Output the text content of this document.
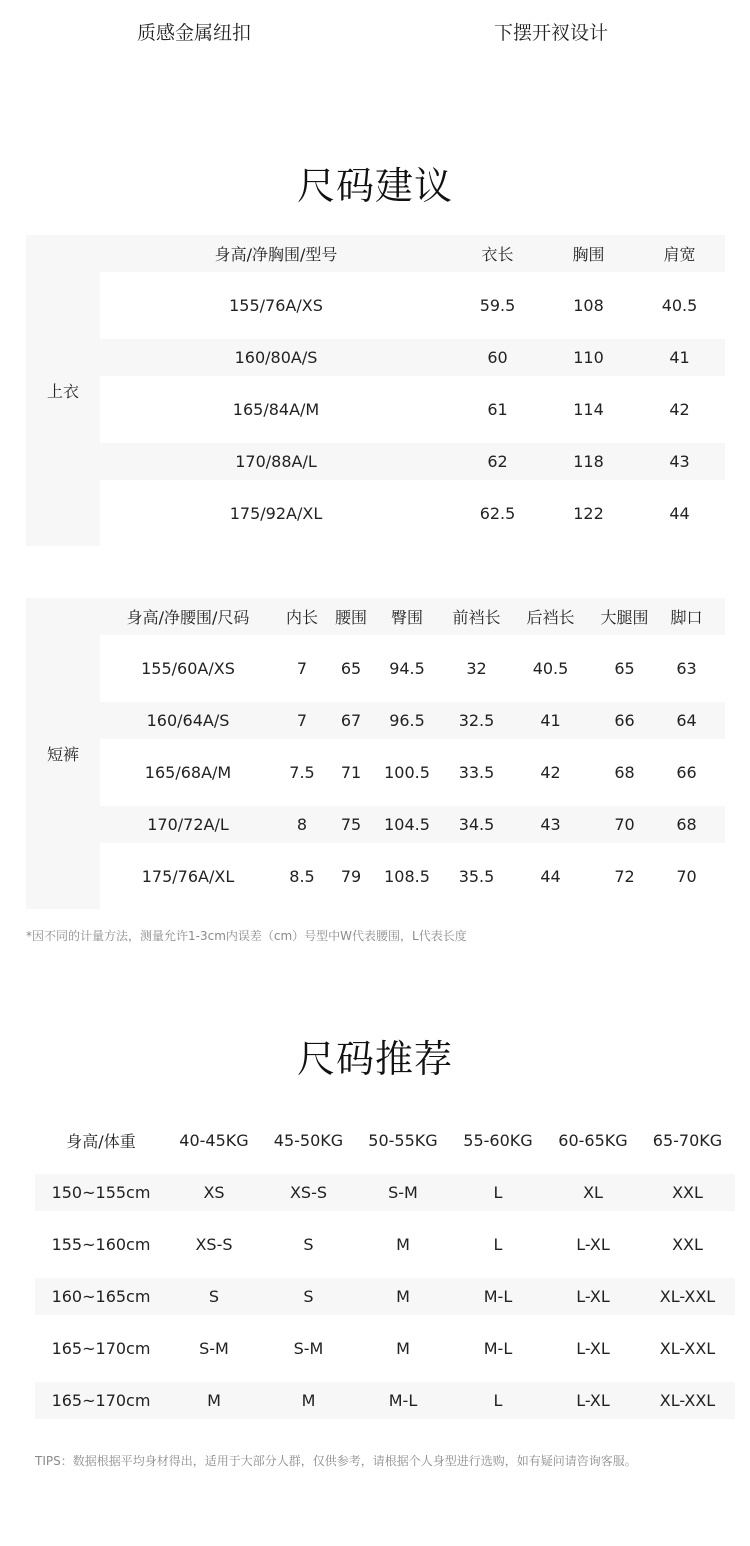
质感金属纽扣	下摆开衩设计
尺码建议
上衣
身高/净胸围/型号	衣长	胸围	肩宽
155/76A/XS	59.5	108	40.5
160/80A/S	60	110	41
165/84A/M	61	114	42
170/88A/L	62	118	43
175/92A/XL	62.5	122	44
短裤
身高/净腰围/尺码	内长	腰围	臀围	前裆长	后裆长	大腿围	脚口
155/60A/XS	7	65	94.5	32	40.5	65	63
160/64A/S	7	67	96.5	32.5	41	66	64
165/68A/M	7.5	71	100.5	33.5	42	68	66
170/72A/L	8	75	104.5	34.5	43	70	68
175/76A/XL	8.5	79	108.5	35.5	44	72	70

*因不同的计量方法，测量允许1-3cm内误差（cm）号型中W代表腰围，L代表长度

尺码推荐
身高/体重	40-45KG	45-50KG	50-55KG	55-60KG	60-65KG	65-70KG
150~155cm	XS	XS-S	S-M	L	XL	XXL
155~160cm	XS-S	S	M	L	L-XL	XXL
160~165cm	S	S	M	M-L	L-XL	XL-XXL
165~170cm	S-M	S-M	M	M-L	L-XL	XL-XXL
165~170cm	M	M	M-L	L	L-XL	XL-XXL

TIPS：数据根据平均身材得出，适用于大部分人群，仅供参考，请根据个人身型进行选购，如有疑问请咨询客服。
